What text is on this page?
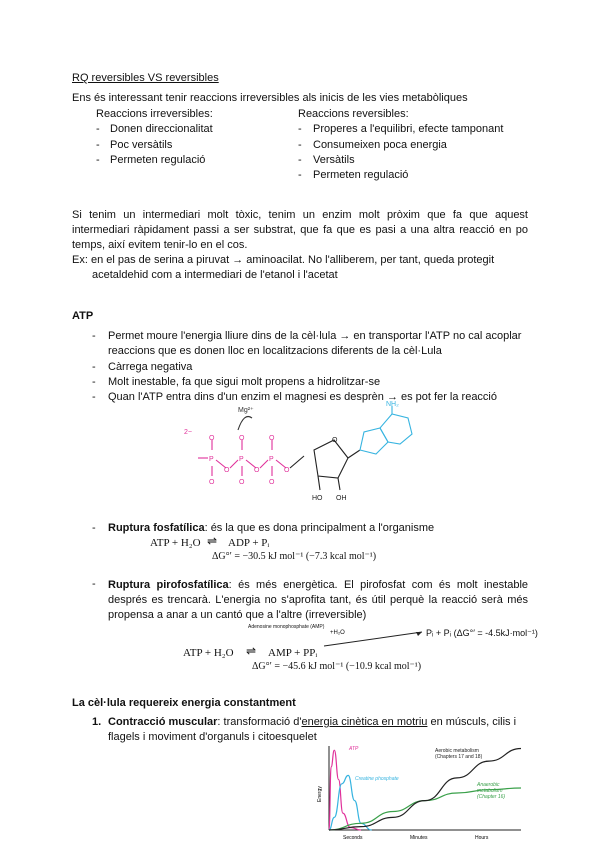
RQ reversibles VS reversibles
Ens és interessant tenir reaccions irreversibles als inicis de les vies metabòliques
Reaccions irreversibles:
- Donen direccionalitat
- Poc versàtils
- Permeten regulació
Reaccions reversibles:
- Properes a l'equilibri, efecte tamponant
- Consumeixen poca energia
- Versàtils
- Permeten regulació
Si tenim un intermediari molt tòxic, tenim un enzim molt pròxim que fa que aquest intermediari ràpidament passi a ser substrat, que fa que es pasi a una altra reacció en po temps, així evitem tenir-lo en el cos.
Ex: en el pas de serina a piruvat → aminoacilat. No l'alliberem, per tant, queda protegit
acetaldehid com a intermediari de l'etanol i l'acetat
ATP
- Permet moure l'energia lliure dins de la cèl·lula → en transportar l'ATP no cal acoplar
reaccions que es donen lloc en localitzacions diferents de la cèl·Lula
- Càrrega negativa
- Molt inestable, fa que sigui molt propens a hidrolitzar-se
- Quan l'ATP entra dins d'un enzim el magnesi es desprèn → es pot fer la reacció
P	P	P
O	O	O
O	O	O
O	O	O
2−
Mg²⁺
O
HO OH
NH₂
- Ruptura fosfatílica: és la que es dona principalment a l'organisme
ATP + H₂O ⇌ ADP + Pᵢ
ΔG°′ = −30.5 kJ mol⁻¹ (−7.3 kcal mol⁻¹)
- Ruptura pirofosfatílica: és més energètica. El pirofosfat com és molt inestable després es trencarà. L'energia no s'aprofita tant, és útil perquè la reacció serà més propensa a anar a un cantó que a l'altre (irreversible)
Adenosine monophosphate (AMP)
+H₂O	Pᵢ + Pᵢ (ΔG°′ = -4.5kJ·mol⁻¹)
ATP + H₂O ⇌ AMP + PPᵢ
ΔG°′ = −45.6 kJ mol⁻¹ (−10.9 kcal mol⁻¹)
La cèl·lula requereix energia constantment
1. Contracció muscular: transformació d'energia cinètica en motriu en músculs, cilis i
flagels i moviment d'organuls i citoesquelet
Energy
ATP
Creatine phosphate
Aerobic metabolism
(Chapters 17 and 18)
Anaerobic
metabolism
(Chapter 16)
Seconds	Minutes	Hours
